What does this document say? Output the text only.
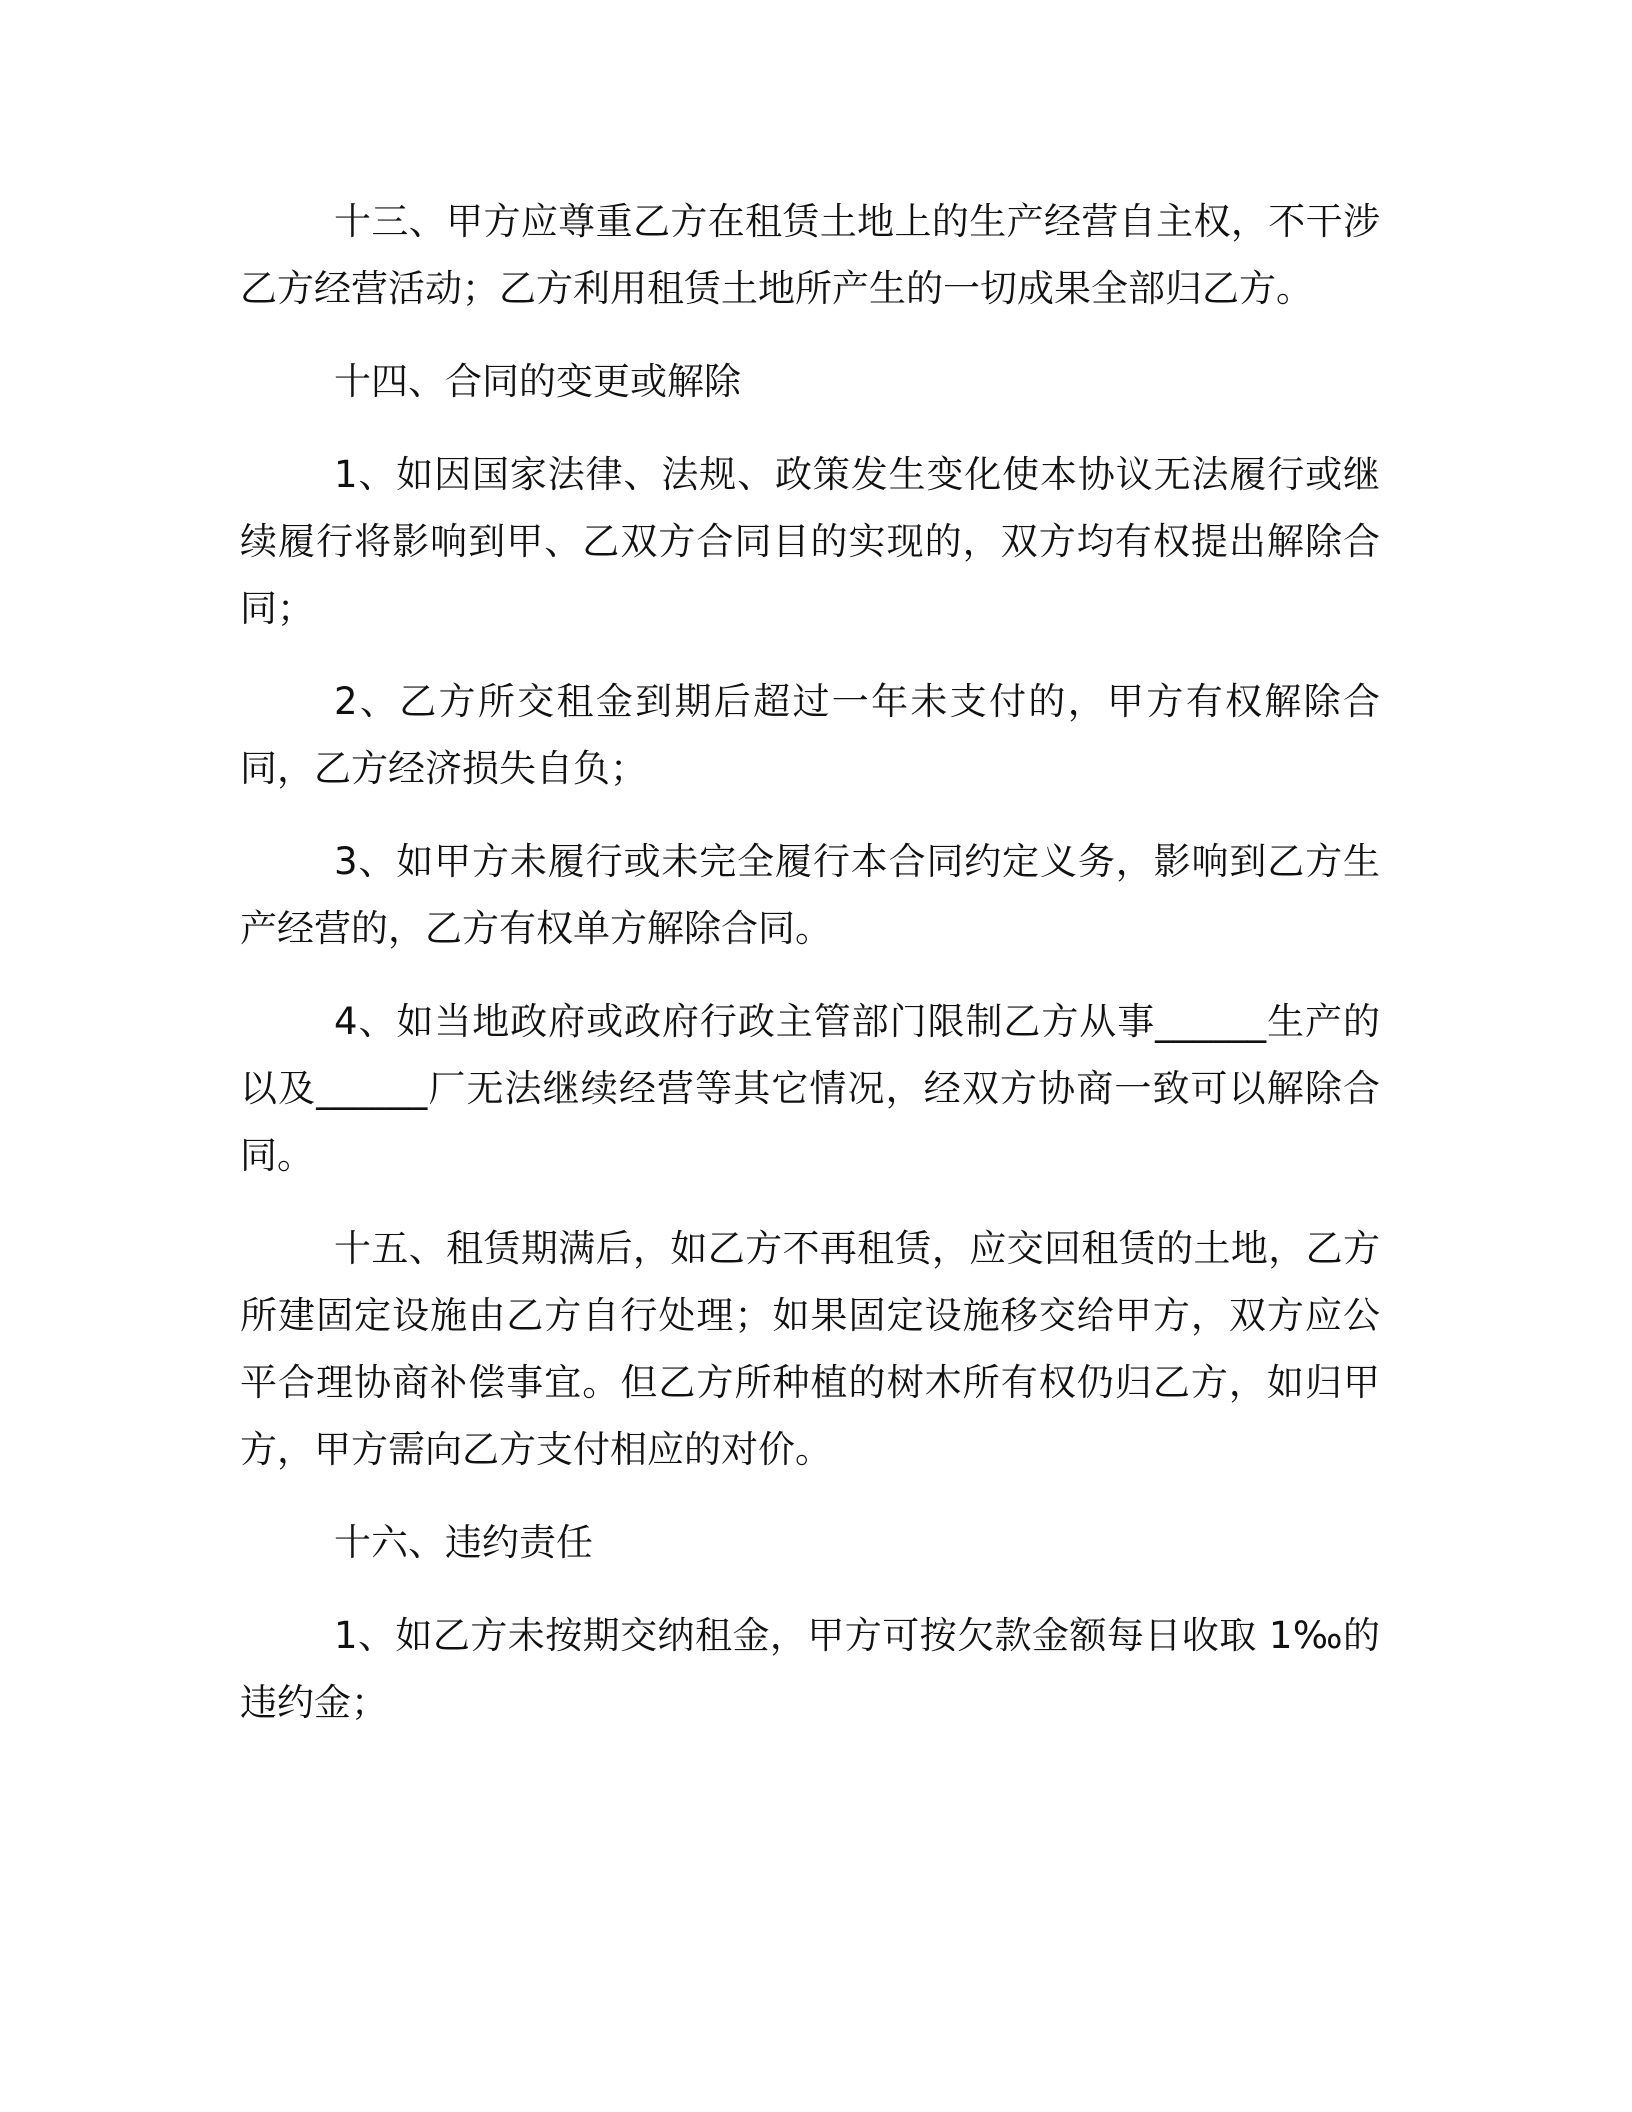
十三、甲方应尊重乙方在租赁土地上的生产经营自主权，不干涉乙方经营活动；乙方利用租赁土地所产生的一切成果全部归乙方。

十四、合同的变更或解除

1、如因国家法律、法规、政策发生变化使本协议无法履行或继续履行将影响到甲、乙双方合同目的实现的，双方均有权提出解除合同；

2、乙方所交租金到期后超过一年未支付的，甲方有权解除合同，乙方经济损失自负；

3、如甲方未履行或未完全履行本合同约定义务，影响到乙方生产经营的，乙方有权单方解除合同。

4、如当地政府或政府行政主管部门限制乙方从事______生产的以及______厂无法继续经营等其它情况，经双方协商一致可以解除合同。

十五、租赁期满后，如乙方不再租赁，应交回租赁的土地，乙方所建固定设施由乙方自行处理；如果固定设施移交给甲方，双方应公平合理协商补偿事宜。但乙方所种植的树木所有权仍归乙方，如归甲方，甲方需向乙方支付相应的对价。

十六、违约责任

1、如乙方未按期交纳租金，甲方可按欠款金额每日收取 1‰的违约金；
